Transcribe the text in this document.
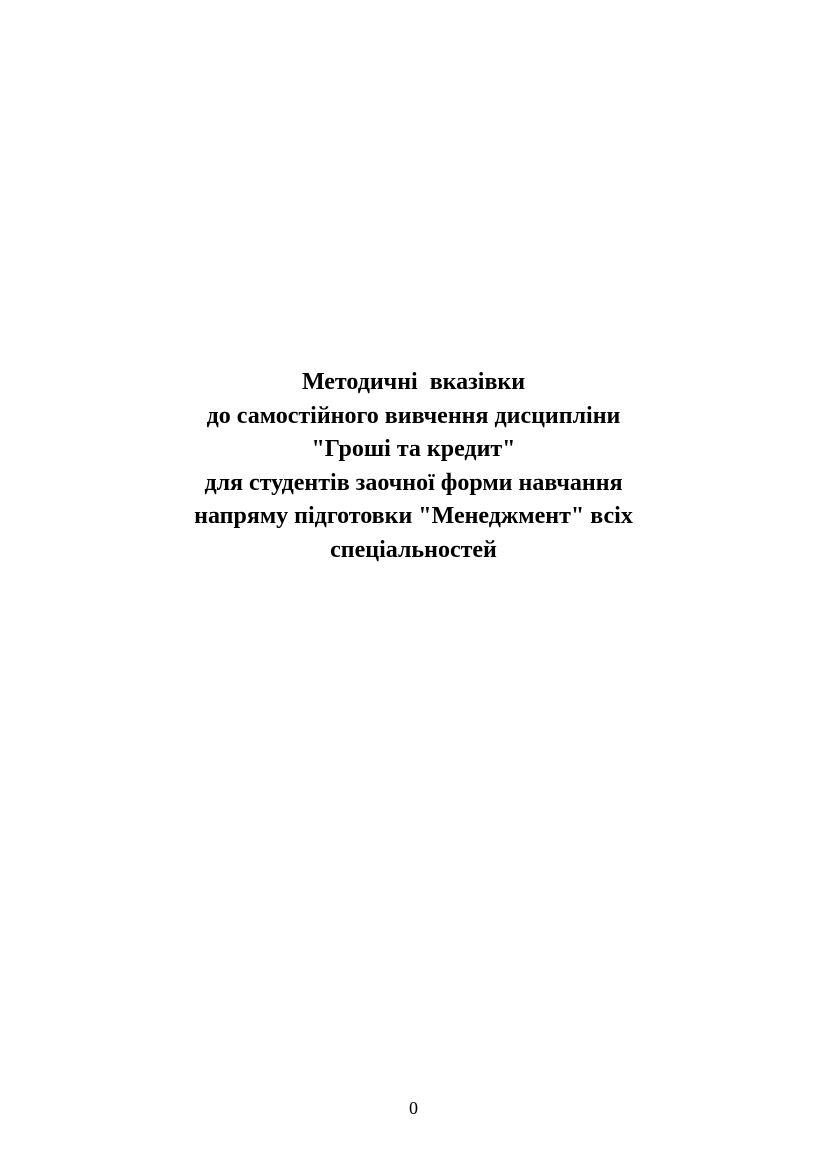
Методичні  вказівки
до самостійного вивчення дисципліни
"Гроші та кредит"
для студентів заочної форми навчання
напряму підготовки "Менеджмент" всіх
спеціальностей
0
